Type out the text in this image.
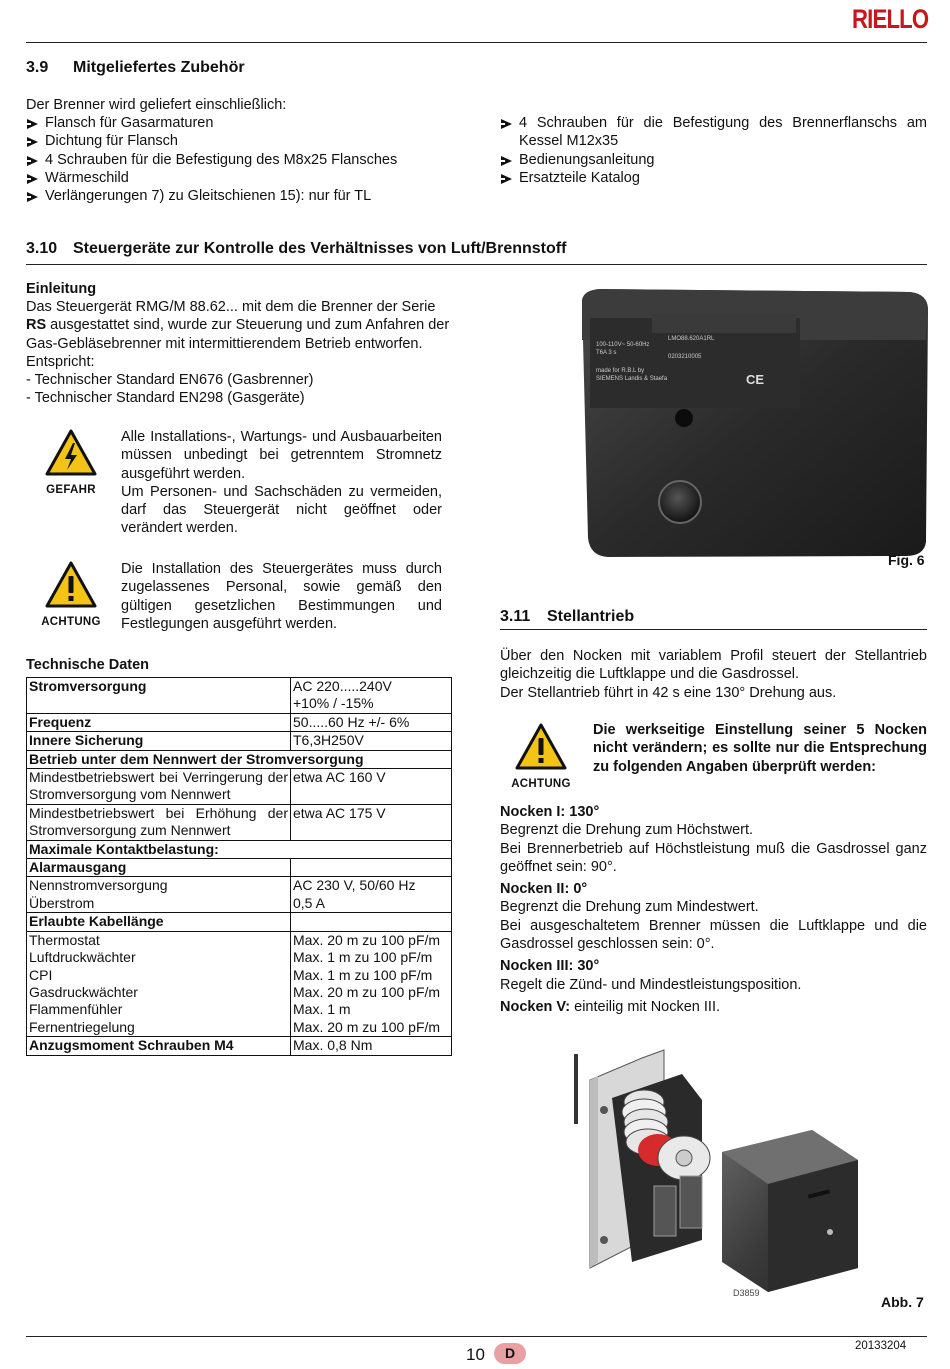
RIELLO
3.9 Mitgeliefertes Zubehör
Der Brenner wird geliefert einschließlich:
Flansch für Gasarmaturen
Dichtung für Flansch
4 Schrauben für die Befestigung des M8x25 Flansches
Wärmeschild
Verlängerungen 7) zu Gleitschienen 15): nur für TL
4 Schrauben für die Befestigung des Brennerflanschs am Kessel M12x35
Bedienungsanleitung
Ersatzteile Katalog
3.10 Steuergeräte zur Kontrolle des Verhältnisses von Luft/Brennstoff
Einleitung

Das Steuergerät RMG/M 88.62... mit dem die Brenner der Serie
RS ausgestattet sind, wurde zur Steuerung und zum Anfahren der Gas-Gebläsebrenner mit intermittierendem Betrieb entworfen.

Entspricht:

- Technischer Standard EN676 (Gasbrenner)

- Technischer Standard EN298 (Gasgeräte)

GEFAHR

Alle Installations-, Wartungs- und Ausbauarbeiten müssen unbedingt bei getrenntem Stromnetz ausgeführt werden.

Um Personen- und Sachschäden zu vermeiden, darf das Steuergerät nicht geöffnet oder verändert werden.

ACHTUNG
Die Installation des Steuergerätes muss durch zugelassenes Personal, sowie gemäß den gültigen gesetzlichen Bestimmungen und Festlegungen ausgeführt werden.
LMO88.620A1RL
100-110V~ 50-60Hz
T6A 3 s
0203210005
made for R.B.L by
SIEMENS Landis & Staefa	CE
Fig. 6
Technische Daten
Stromversorgung	AC 220.....240V
	+10% / -15%
Frequenz	50.....60 Hz +/- 6%
Innere Sicherung	T6,3H250V
Betrieb unter dem Nennwert der Stromversorgung	
Mindestbetriebswert bei Verringerung der Stromversorgung vom Nennwert	etwa AC 160 V
Mindestbetriebswert bei Erhöhung der Stromversorgung zum Nennwert	etwa AC 175 V
Maximale Kontaktbelastung:	
Alarmausgang	
Nennstromversorgung	AC 230 V, 50/60 Hz
Überstrom	0,5 A
Erlaubte Kabellänge	
Thermostat	Max. 20 m zu 100 pF/m
Luftdruckwächter	Max. 1 m zu 100 pF/m
CPI	Max. 1 m zu 100 pF/m
Gasdruckwächter	Max. 20 m zu 100 pF/m
Flammenfühler	Max. 1 m
Fernentriegelung	Max. 20 m zu 100 pF/m
Anzugsmoment Schrauben M4	Max. 0,8 Nm
3.11 Stellantrieb

Über den Nocken mit variablem Profil steuert der Stellantrieb gleichzeitig die Luftklappe und die Gasdrossel.

Der Stellantrieb führt in 42 s eine 130° Drehung aus.

ACHTUNG
Die werkseitige Einstellung seiner 5 Nocken nicht verändern; es sollte nur die Entsprechung zu folgenden Angaben überprüft werden:

Nocken I: 130°

Begrenzt die Drehung zum Höchstwert.

Bei Brennerbetrieb auf Höchstleistung muß die Gasdrossel ganz geöffnet sein: 90°.

Nocken II: 0°

Begrenzt die Drehung zum Mindestwert.

Bei ausgeschaltetem Brenner müssen die Luftklappe und die Gasdrossel geschlossen sein: 0°.

Nocken III: 30°

Regelt die Zünd- und Mindestleistungsposition.

Nocken V: einteilig mit Nocken III.

D3859
Abb. 7
10	D	20133204
